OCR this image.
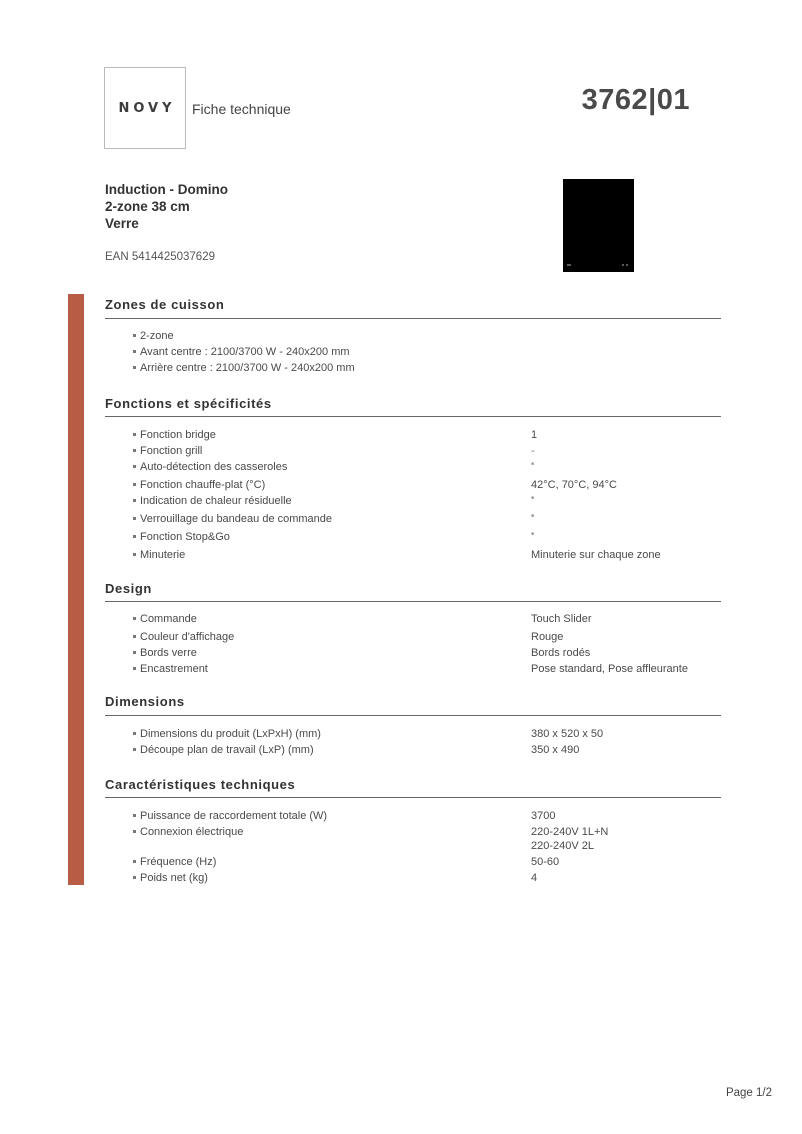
NOVY Fiche technique	3762|01
Induction - Domino
2-zone 38 cm
Verre
EAN 5414425037629
Zones de cuisson
2-zone
Avant centre : 2100/3700 W - 240x200 mm
Arrière centre : 2100/3700 W - 240x200 mm
Fonctions et spécificités
Fonction bridge	1
Fonction grill	-
Auto-détection des casseroles	■
Fonction chauffe-plat (°C)	42°C, 70°C, 94°C
Indication de chaleur résiduelle	■
Verrouillage du bandeau de commande	■
Fonction Stop&Go	■
Minuterie	Minuterie sur chaque zone
Design
Commande	Touch Slider
Couleur d'affichage	Rouge
Bords verre	Bords rodés
Encastrement	Pose standard, Pose affleurante
Dimensions
Dimensions du produit (LxPxH) (mm)	380 x 520 x 50
Découpe plan de travail (LxP) (mm)	350 x 490
Caractéristiques techniques
Puissance de raccordement totale (W)	3700
Connexion électrique	220-240V 1L+N
220-240V 2L
Fréquence (Hz)	50-60
Poids net (kg)	4
Page 1/2
